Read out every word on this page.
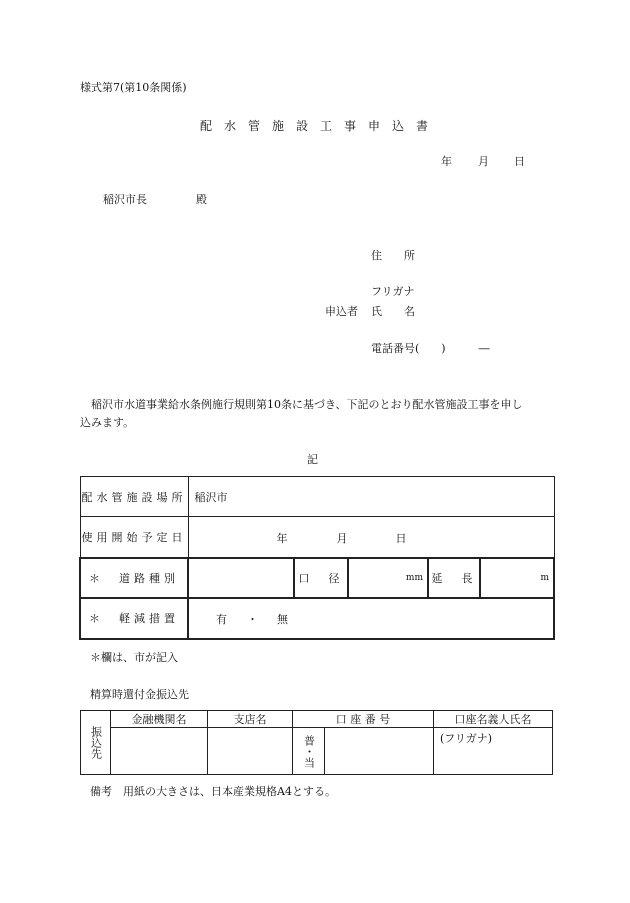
様式第7(第10条関係)
配　水　管　施　設　工　事　申　込　書
年 月 日
稲沢市長	殿
住　　所
フリガナ
申込者 氏　　名
電話番号(　　)　　　―
稲沢市水道事業給水条例施行規則第10条に基づき、下記のとおり配水管施設工事を申し
込みます。
記
配水管施設場所	稲沢市				
使用開始予定日	年 月 日				

＊　道路種別		口　径	mm	延　長	m
＊　軽減措置	有 ・ 無				
＊欄は、市が記入
精算時還付金振込先
振込先	金融機関名	支店名	口 座 番 号		口座名義人氏名

			普・当		(フリガナ)
備考　用紙の大きさは、日本産業規格A4とする。
